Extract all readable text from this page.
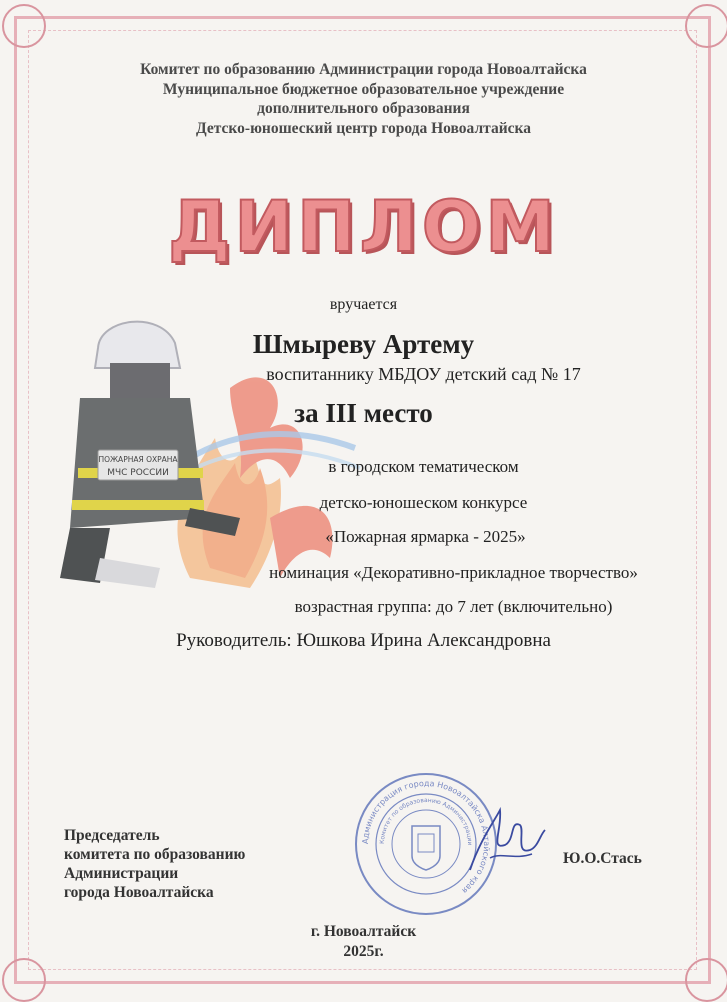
Комитет по образованию Администрации города Новоалтайска
Муниципальное бюджетное образовательное учреждение
дополнительного образования
Детско-юношеский центр города Новоалтайска
ДИПЛОМ
ПОЖАРНАЯ ОХРАНА
МЧС РОССИИ
вручается
Шмыреву Артему
воспитаннику МБДОУ детский сад № 17
за III место
в городском тематическом
детско-юношеском конкурсе
«Пожарная ярмарка - 2025»
номинация «Декоративно-прикладное творчество»
возрастная группа: до 7 лет (включительно)
Руководитель: Юшкова Ирина Александровна
Председатель
комитета по образованию
Администрации
города Новоалтайска
Администрация города Новоалтайска Алтайского края
Комитет по образованию Администрации
Ю.О.Стась
г. Новоалтайск
2025г.
